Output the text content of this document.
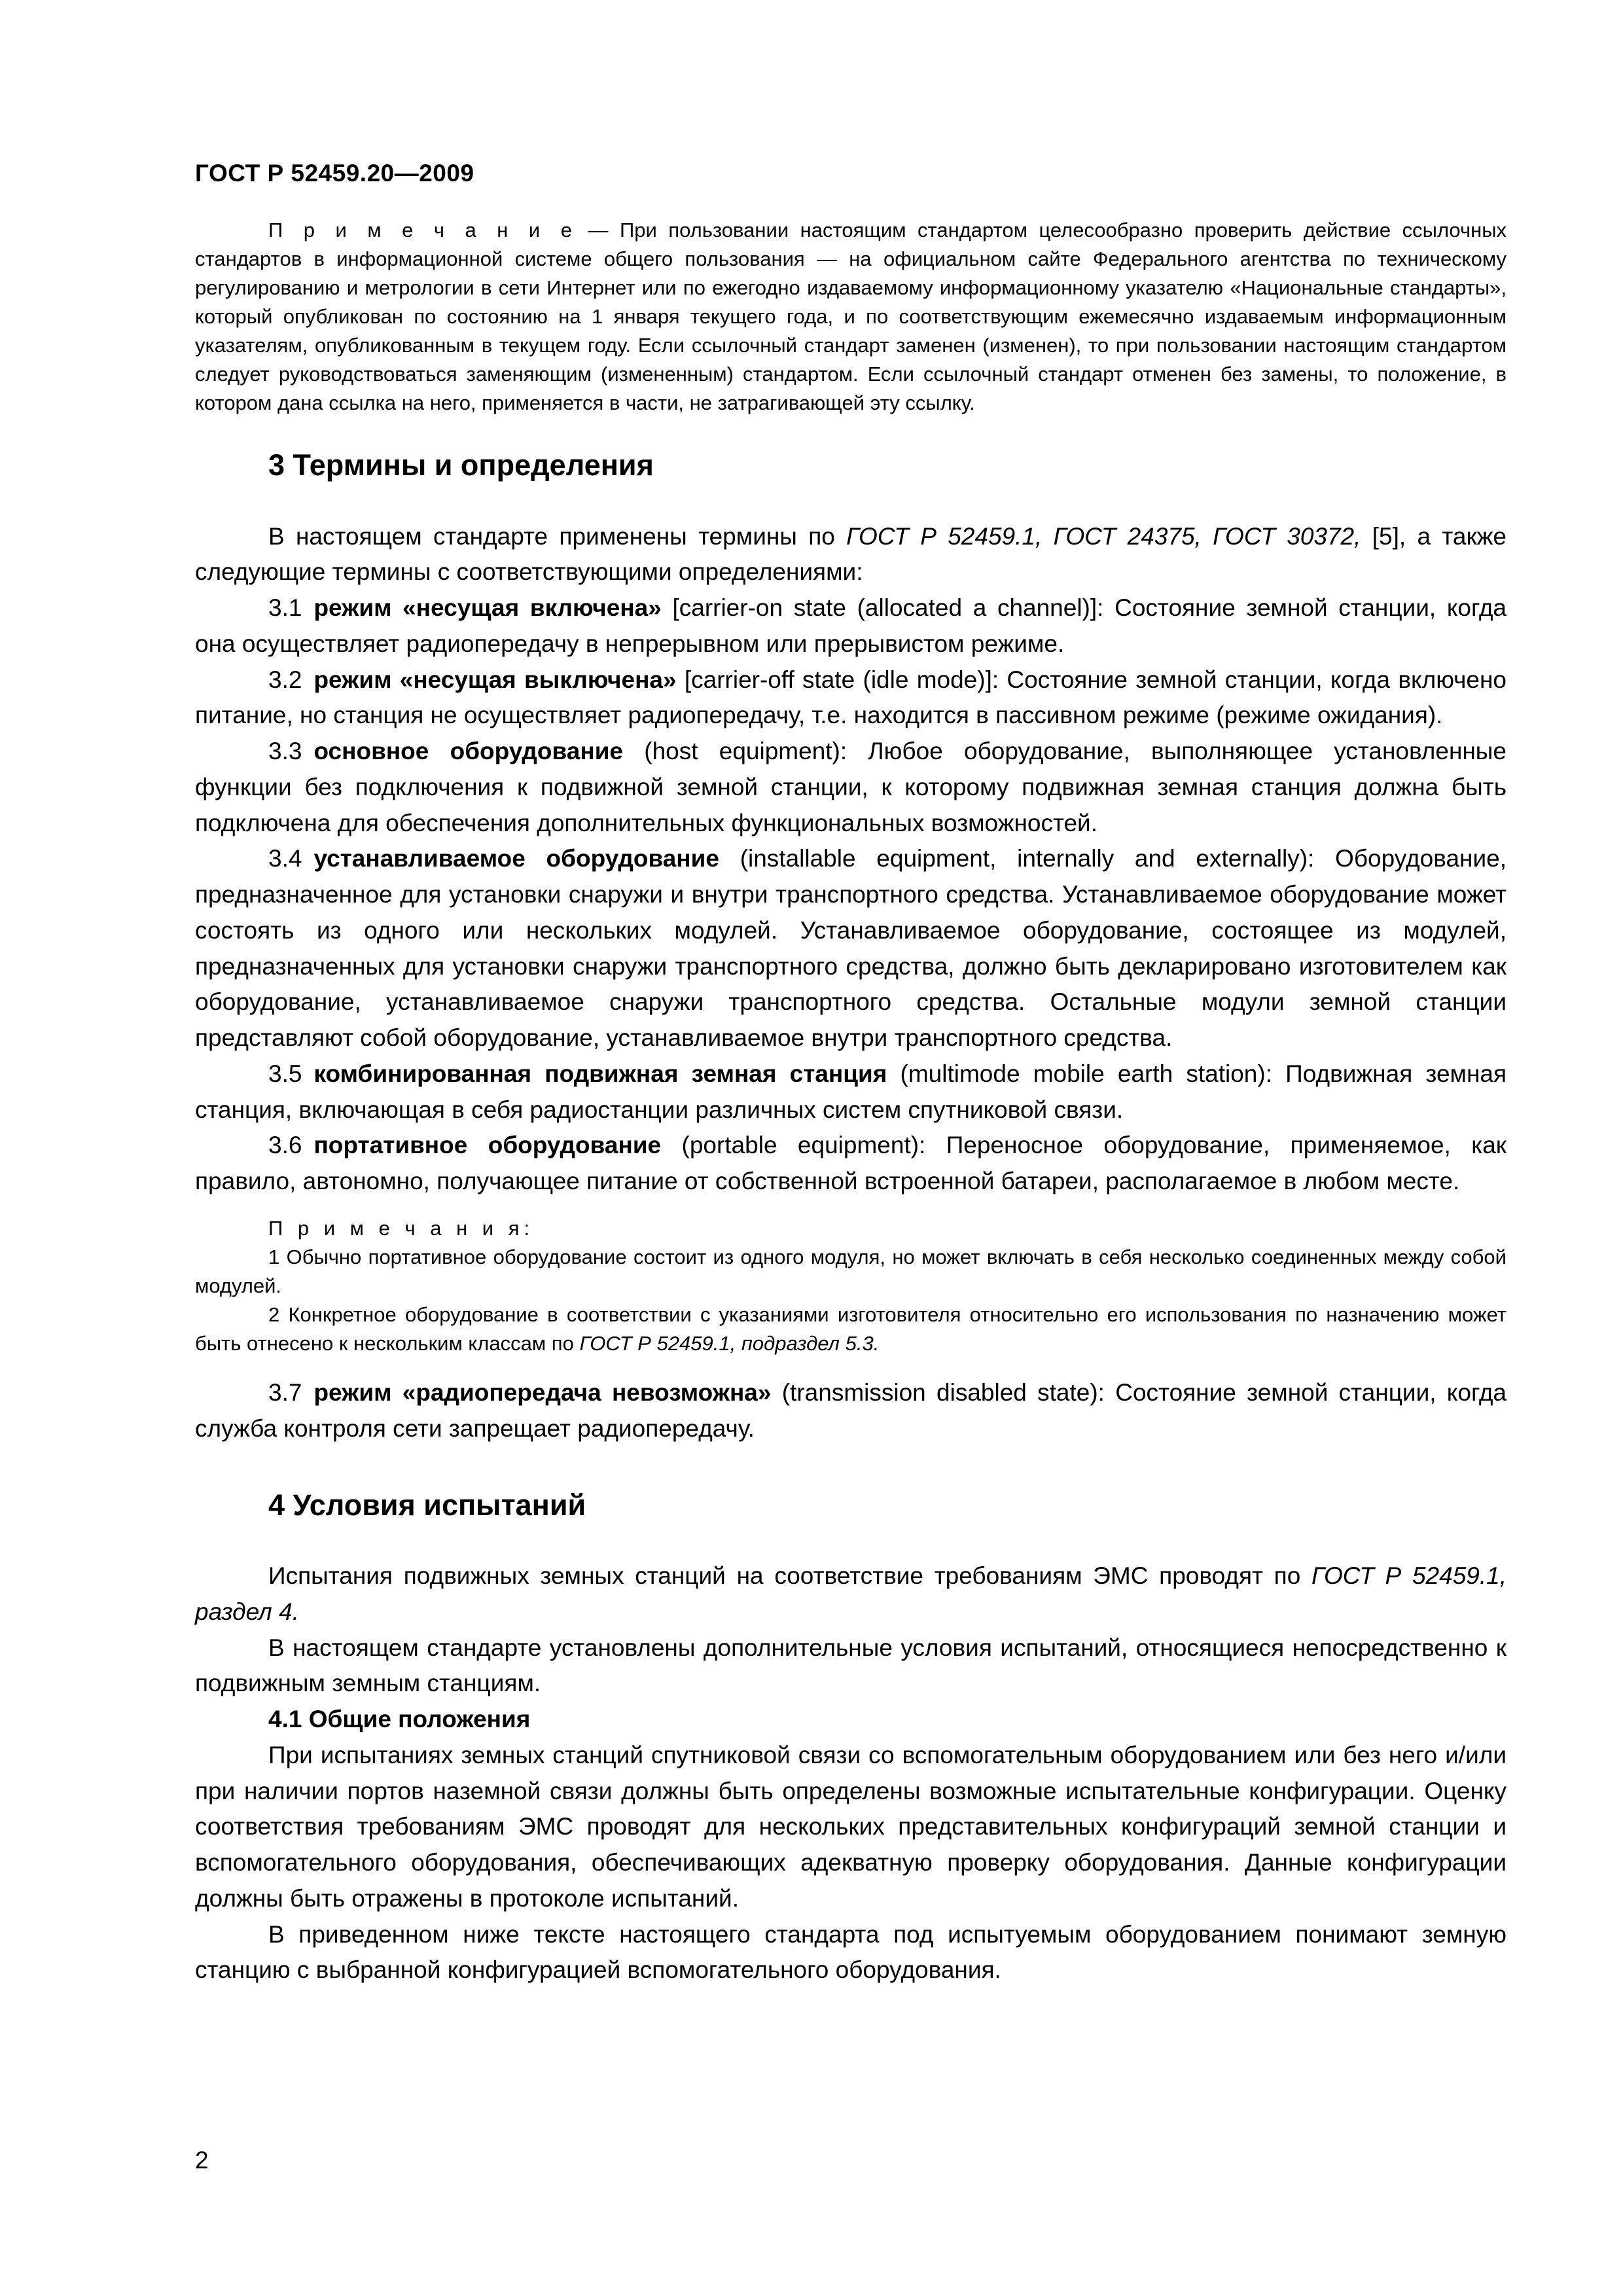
ГОСТ Р 52459.20—2009

П р и м е ч а н и е — При пользовании настоящим стандартом целесообразно проверить действие ссылочных стандартов в информационной системе общего пользования — на официальном сайте Федерального агентства по техническому регулированию и метрологии в сети Интернет или по ежегодно издаваемому информационному указателю «Национальные стандарты», который опубликован по состоянию на 1 января текущего года, и по соответствующим ежемесячно издаваемым информационным указателям, опубликованным в текущем году. Если ссылочный стандарт заменен (изменен), то при пользовании настоящим стандартом следует руководствоваться заменяющим (измененным) стандартом. Если ссылочный стандарт отменен без замены, то положение, в котором дана ссылка на него, применяется в части, не затрагивающей эту ссылку.

3 Термины и определения

В настоящем стандарте применены термины по ГОСТ Р 52459.1, ГОСТ 24375, ГОСТ 30372, [5], а также следующие термины с соответствующими определениями:

3.1 режим «несущая включена» [carrier-on state (allocated a channel)]: Состояние земной станции, когда она осуществляет радиопередачу в непрерывном или прерывистом режиме.

3.2 режим «несущая выключена» [carrier-off state (idle mode)]: Состояние земной станции, когда включено питание, но станция не осуществляет радиопередачу, т.е. находится в пассивном режиме (режиме ожидания).

3.3 основное оборудование (host equipment): Любое оборудование, выполняющее установленные функции без подключения к подвижной земной станции, к которому подвижная земная станция должна быть подключена для обеспечения дополнительных функциональных возможностей.

3.4 устанавливаемое оборудование (installable equipment, internally and externally): Оборудование, предназначенное для установки снаружи и внутри транспортного средства. Устанавливаемое оборудование может состоять из одного или нескольких модулей. Устанавливаемое оборудование, состоящее из модулей, предназначенных для установки снаружи транспортного средства, должно быть декларировано изготовителем как оборудование, устанавливаемое снаружи транспортного средства. Остальные модули земной станции представляют собой оборудование, устанавливаемое внутри транспортного средства.

3.5 комбинированная подвижная земная станция (multimode mobile earth station): Подвижная земная станция, включающая в себя радиостанции различных систем спутниковой связи.

3.6 портативное оборудование (portable equipment): Переносное оборудование, применяемое, как правило, автономно, получающее питание от собственной встроенной батареи, располагаемое в любом месте.

П р и м е ч а н и я:

1 Обычно портативное оборудование состоит из одного модуля, но может включать в себя несколько соединенных между собой модулей.

2 Конкретное оборудование в соответствии с указаниями изготовителя относительно его использования по назначению может быть отнесено к нескольким классам по ГОСТ Р 52459.1, подраздел 5.3.

3.7 режим «радиопередача невозможна» (transmission disabled state): Состояние земной станции, когда служба контроля сети запрещает радиопередачу.

4 Условия испытаний

Испытания подвижных земных станций на соответствие требованиям ЭМС проводят по ГОСТ Р 52459.1, раздел 4.

В настоящем стандарте установлены дополнительные условия испытаний, относящиеся непосредственно к подвижным земным станциям.

4.1 Общие положения

При испытаниях земных станций спутниковой связи со вспомогательным оборудованием или без него и/или при наличии портов наземной связи должны быть определены возможные испытательные конфигурации. Оценку соответствия требованиям ЭМС проводят для нескольких представительных конфигураций земной станции и вспомогательного оборудования, обеспечивающих адекватную проверку оборудования. Данные конфигурации должны быть отражены в протоколе испытаний.

В приведенном ниже тексте настоящего стандарта под испытуемым оборудованием понимают земную станцию с выбранной конфигурацией вспомогательного оборудования.

2
